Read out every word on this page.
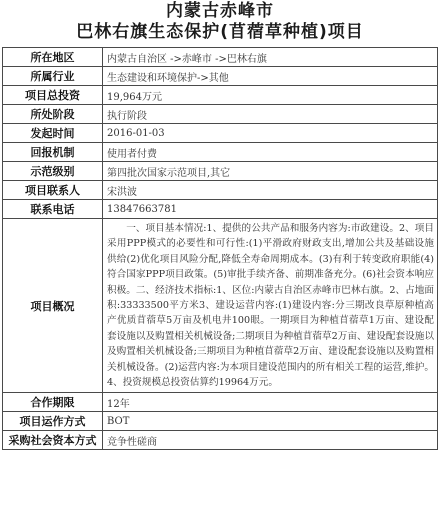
内蒙古赤峰市
巴林右旗生态保护(苜蓿草种植)项目
所在地区	内蒙古自治区 ->赤峰市 ->巴林右旗
所属行业	生态建设和环境保护->其他
项目总投资	19,964万元
所处阶段	执行阶段
发起时间	2016-01-03
回报机制	使用者付费
示范级别	第四批次国家示范项目,其它
项目联系人	宋洪波
联系电话	13847663781
项目概况	一、项目基本情况:1、提供的公共产品和服务内容为:市政建设。2、项目采用PPP模式的必要性和可行性:(1)平滑政府财政支出,增加公共及基础设施供给(2)优化项目风险分配,降低全寿命周期成本。(3)有利于转变政府职能(4)符合国家PPP项目政策。(5)审批手续齐备、前期准备充分。(6)社会资本响应积极。二、经济技术指标:1、区位:内蒙古自治区赤峰市巴林右旗。2、占地面积:33333500平方米3、建设运营内容:(1)建设内容:分三期改良草原种植高产优质苜蓿草5万亩及机电井100眼。一期项目为种植苜蓿草1万亩、建设配套设施以及购置相关机械设备;二期项目为种植苜蓿草2万亩、建设配套设施以及购置相关机械设备;三期项目为种植苜蓿草2万亩、建设配套设施以及购置相关机械设备。(2)运营内容:为本项目建设范围内的所有相关工程的运营,维护。4、投资规模总投资估算约19964万元。
合作期限	12年
项目运作方式	BOT
采购社会资本方式	竞争性磋商
